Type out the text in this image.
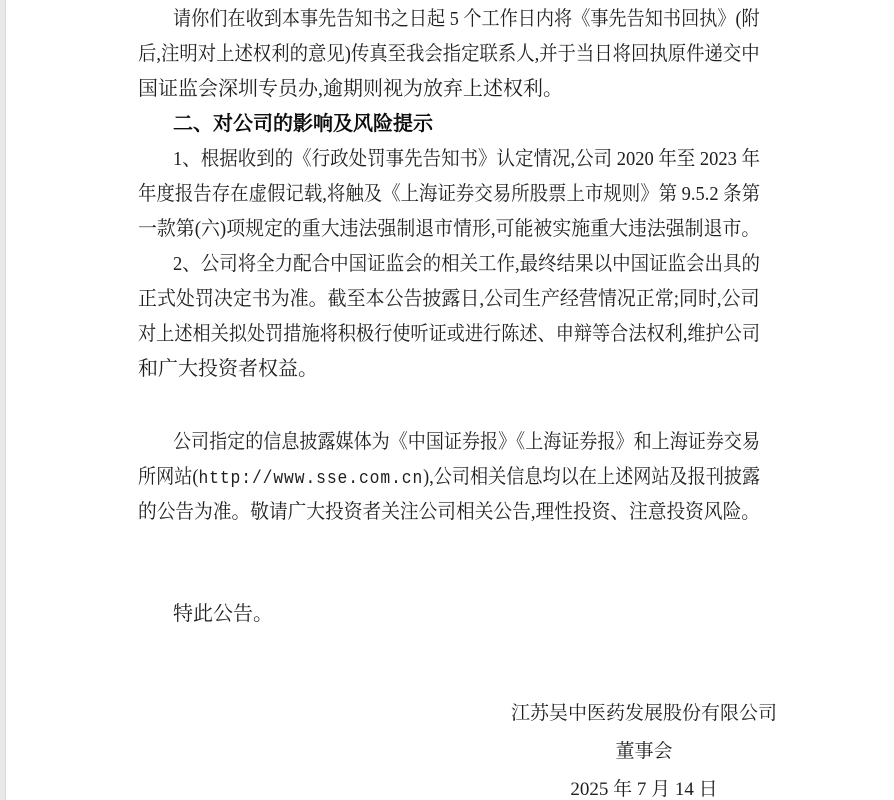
请你们在收到本事先告知书之日起 5 个工作日内将《事先告知书回执》(附
后,注明对上述权利的意见)传真至我会指定联系人,并于当日将回执原件递交中
国证监会深圳专员办,逾期则视为放弃上述权利。
二、对公司的影响及风险提示
1、根据收到的《行政处罚事先告知书》认定情况,公司 2020 年至 2023 年
年度报告存在虚假记载,将触及《上海证券交易所股票上市规则》第 9.5.2 条第
一款第(六)项规定的重大违法强制退市情形,可能被实施重大违法强制退市。
2、公司将全力配合中国证监会的相关工作,最终结果以中国证监会出具的
正式处罚决定书为准。截至本公告披露日,公司生产经营情况正常;同时,公司
对上述相关拟处罚措施将积极行使听证或进行陈述、申辩等合法权利,维护公司
和广大投资者权益。
公司指定的信息披露媒体为《中国证券报》《上海证券报》和上海证券交易
所网站(http://www.sse.com.cn),公司相关信息均以在上述网站及报刊披露
的公告为准。敬请广大投资者关注公司相关公告,理性投资、注意投资风险。
特此公告。
江苏吴中医药发展股份有限公司
董事会
2025 年 7 月 14 日
